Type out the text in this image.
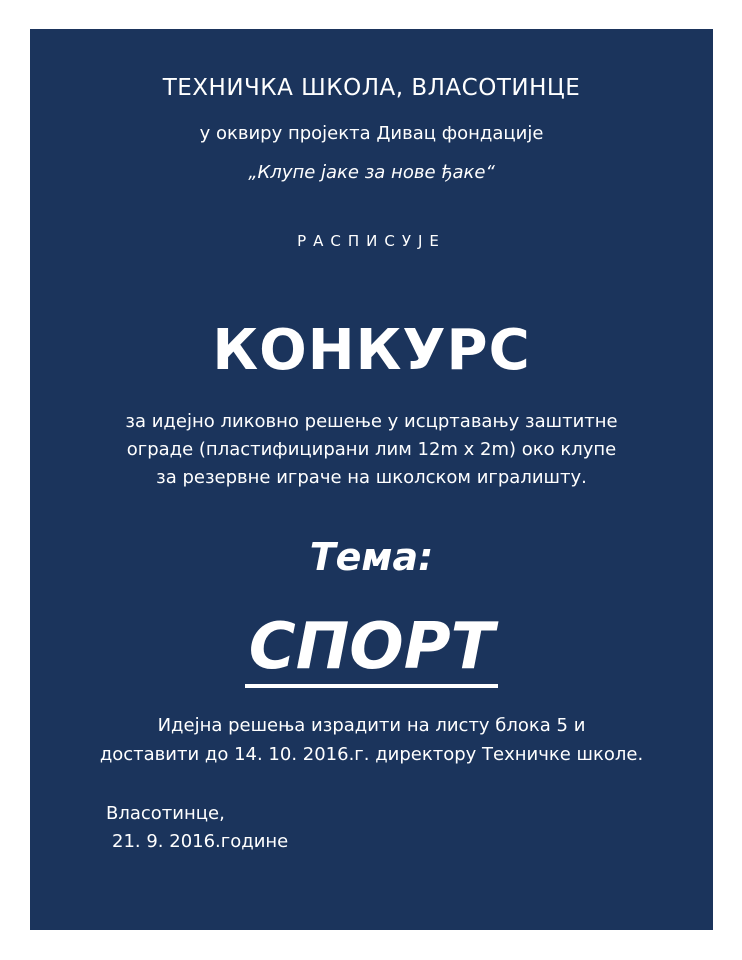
ТЕХНИЧКА ШКОЛА, ВЛАСОТИНЦЕ
у оквиру пројекта Дивац фондације
„Клупе јаке за нове ђаке“
РАСПИСУЈЕ
КОНКУРС
за идејно ликовно решење у исцртавању заштитне
ограде (пластифицирани лим 12m x 2m) око клупе
за резервне играче на школском игралишту.
Тема:
СПОРТ
Идејна решења израдити на листу блока 5 и
доставити до 14. 10. 2016.г. директору Техничке школе.
Власотинце,
21. 9. 2016.године
